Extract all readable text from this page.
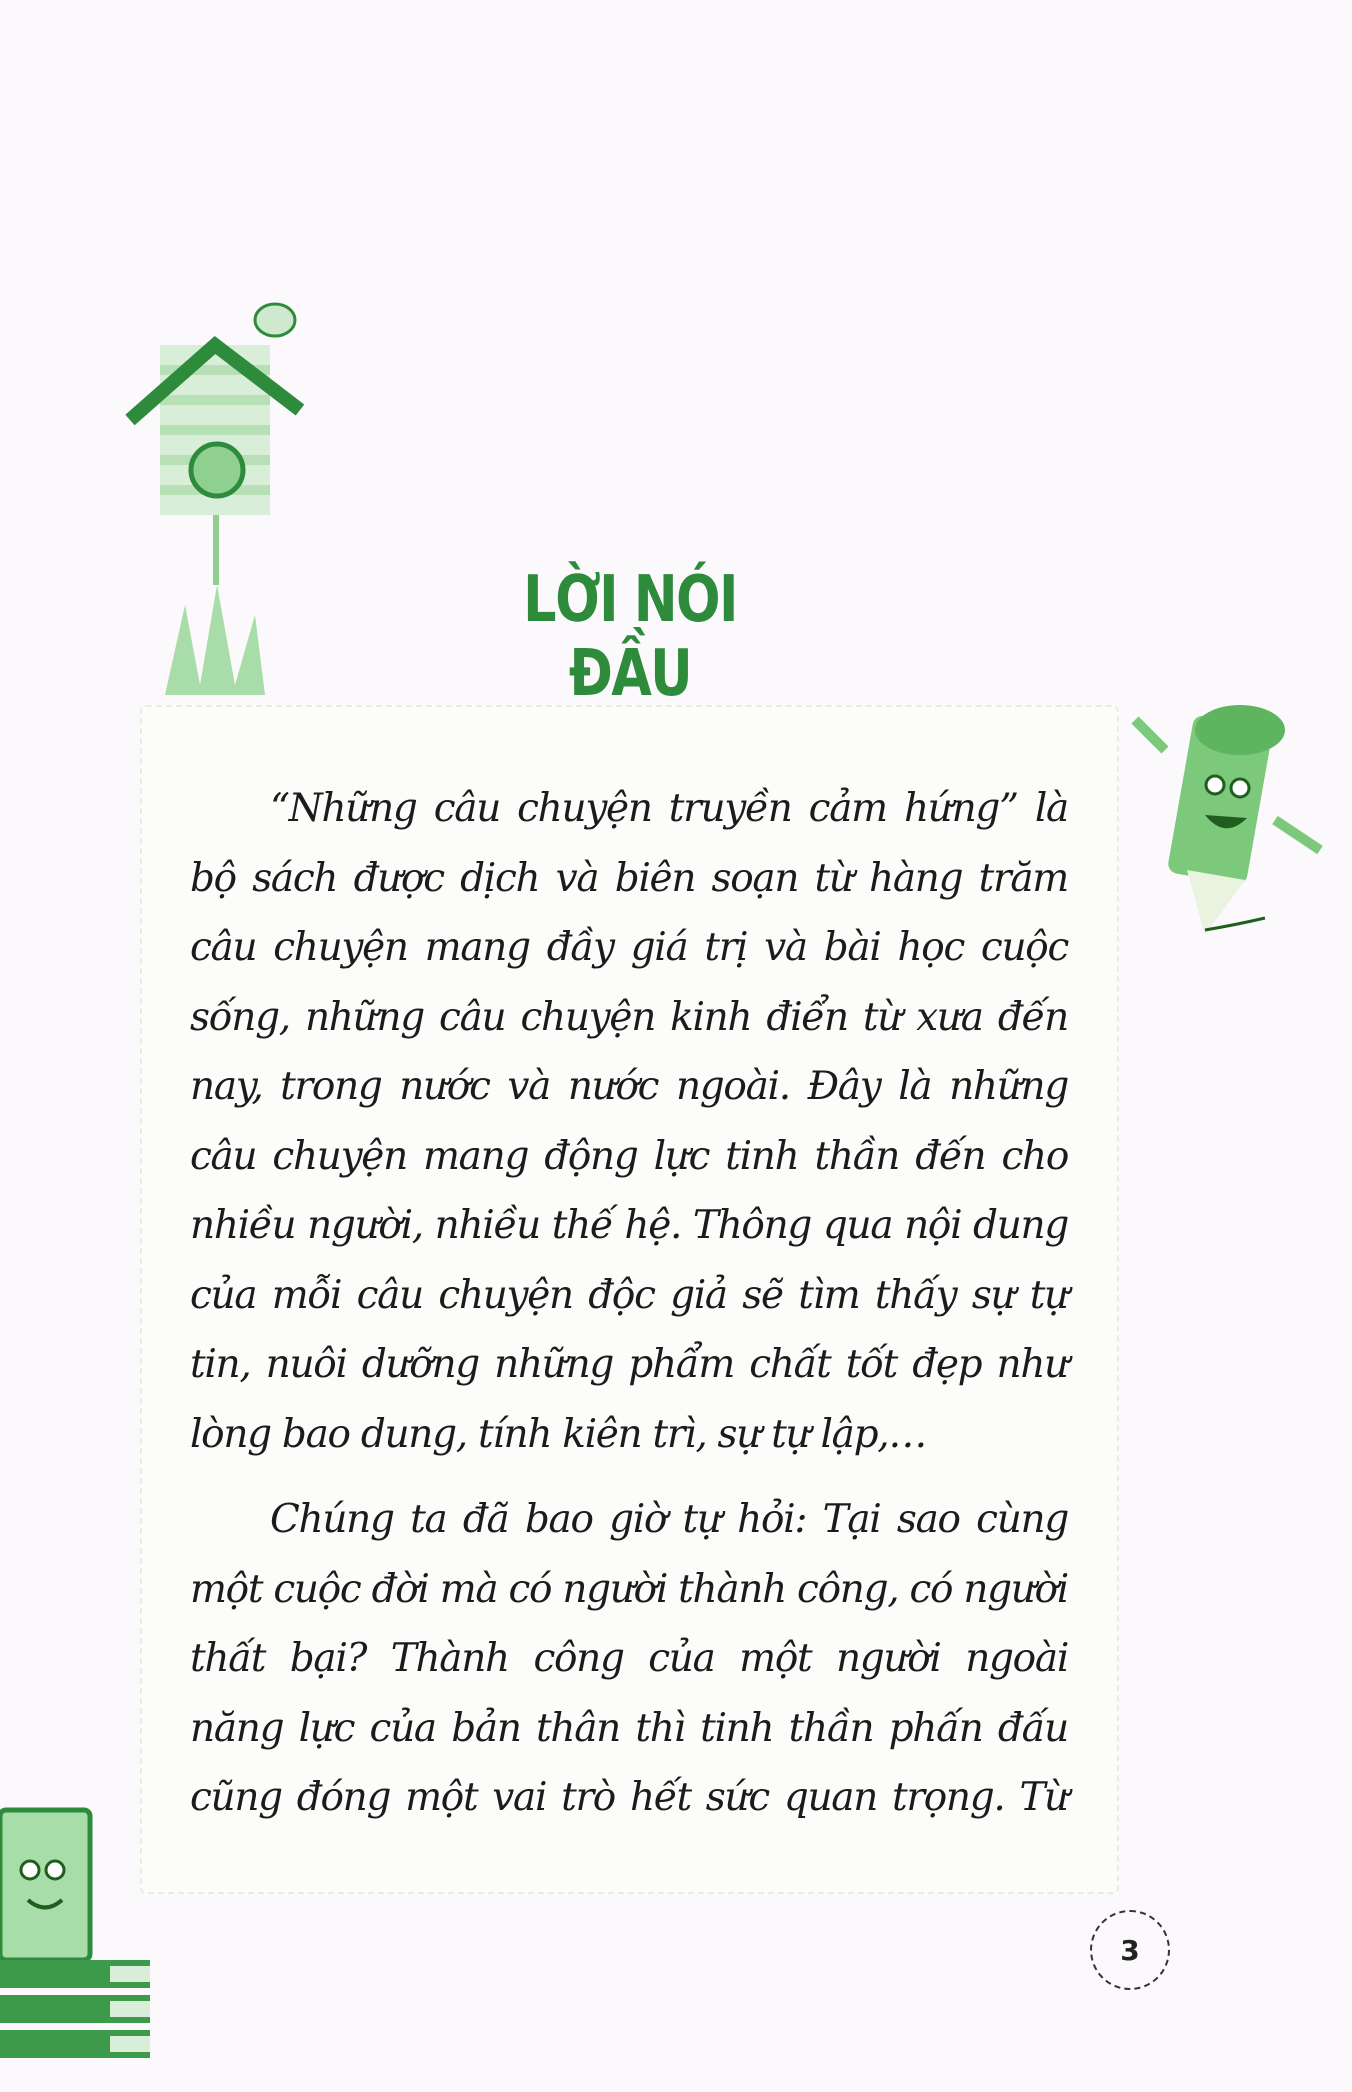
LỜI NÓI ĐẦU
“Những câu chuyện truyền cảm hứng” là
bộ sách được dịch và biên soạn từ hàng trăm
câu chuyện mang đầy giá trị và bài học cuộc
sống, những câu chuyện kinh điển từ xưa đến
nay, trong nước và nước ngoài. Đây là những
câu chuyện mang động lực tinh thần đến cho
nhiều người, nhiều thế hệ. Thông qua nội dung
của mỗi câu chuyện độc giả sẽ tìm thấy sự tự
tin, nuôi dưỡng những phẩm chất tốt đẹp như
lòng bao dung, tính kiên trì, sự tự lập,…
Chúng ta đã bao giờ tự hỏi: Tại sao cùng
một cuộc đời mà có người thành công, có người
thất bại? Thành công của một người ngoài
năng lực của bản thân thì tinh thần phấn đấu
cũng đóng một vai trò hết sức quan trọng. Từ
3
